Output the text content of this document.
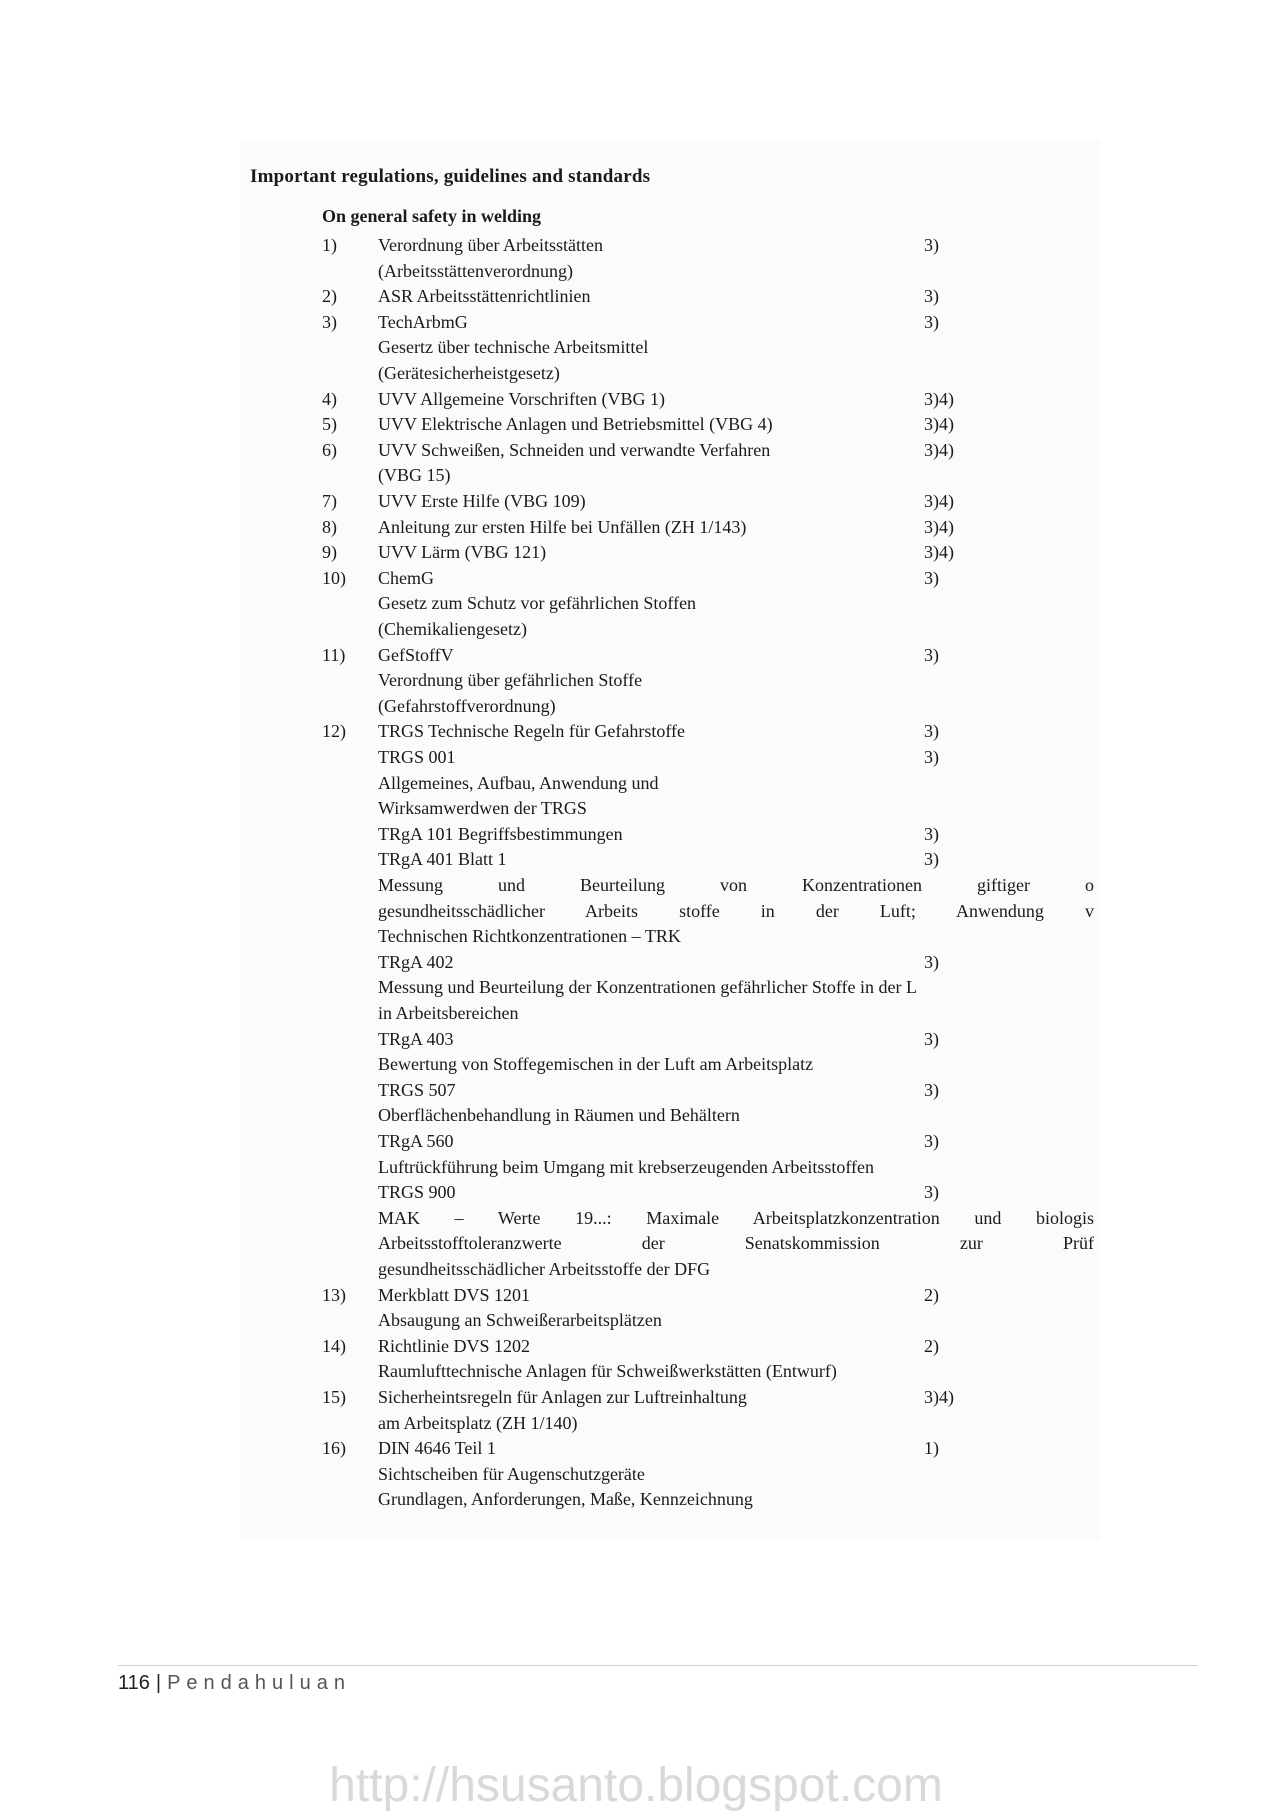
Important regulations, guidelines and standards
On general safety in welding
1)	Verordnung über Arbeitsstätten	3)
(Arbeitsstättenverordnung)
2)	ASR Arbeitsstättenrichtlinien	3)
3)	TechArbmG	3)
Gesertz über technische Arbeitsmittel
(Gerätesicherheistgesetz)
4)	UVV Allgemeine Vorschriften (VBG 1)	3)4)
5)	UVV Elektrische Anlagen und Betriebsmittel (VBG 4)	3)4)
6)	UVV Schweißen, Schneiden und verwandte Verfahren	3)4)
(VBG 15)
7)	UVV Erste Hilfe (VBG 109)	3)4)
8)	Anleitung zur ersten Hilfe bei Unfällen (ZH 1/143)	3)4)
9)	UVV Lärm (VBG 121)	3)4)
10)	ChemG	3)
Gesetz zum Schutz vor gefährlichen Stoffen
(Chemikaliengesetz)
11)	GefStoffV	3)
Verordnung über gefährlichen Stoffe
(Gefahrstoffverordnung)
12)	TRGS Technische Regeln für Gefahrstoffe	3)
TRGS 001	3)
Allgemeines, Aufbau, Anwendung und
Wirksamwerdwen der TRGS
TRgA 101 Begriffsbestimmungen	3)
TRgA 401 Blatt 1	3)
Messung und Beurteilung von Konzentrationen giftiger o
gesundheitsschädlicher Arbeits stoffe in der Luft; Anwendung v
Technischen Richtkonzentrationen – TRK
TRgA 402	3)
Messung und Beurteilung der Konzentrationen gefährlicher Stoffe in der L
in Arbeitsbereichen
TRgA 403	3)
Bewertung von Stoffegemischen in der Luft am Arbeitsplatz
TRGS 507	3)
Oberflächenbehandlung in Räumen und Behältern
TRgA 560	3)
Luftrückführung beim Umgang mit krebserzeugenden Arbeitsstoffen
TRGS 900	3)
MAK – Werte 19...: Maximale Arbeitsplatzkonzentration und biologis
Arbeitsstofftoleranzwerte der Senatskommission zur Prüf
gesundheitsschädlicher Arbeitsstoffe der DFG
13)	Merkblatt DVS 1201	2)
Absaugung an Schweißerarbeitsplätzen
14)	Richtlinie DVS 1202	2)
Raumlufttechnische Anlagen für Schweißwerkstätten (Entwurf)
15)	Sicherheintsregeln für Anlagen zur Luftreinhaltung	3)4)
am Arbeitsplatz (ZH 1/140)
16)	DIN 4646 Teil 1	1)
Sichtscheiben für Augenschutzgeräte
Grundlagen, Anforderungen, Maße, Kennzeichnung
116 | Pendahuluan
http://hsusanto.blogspot.com
